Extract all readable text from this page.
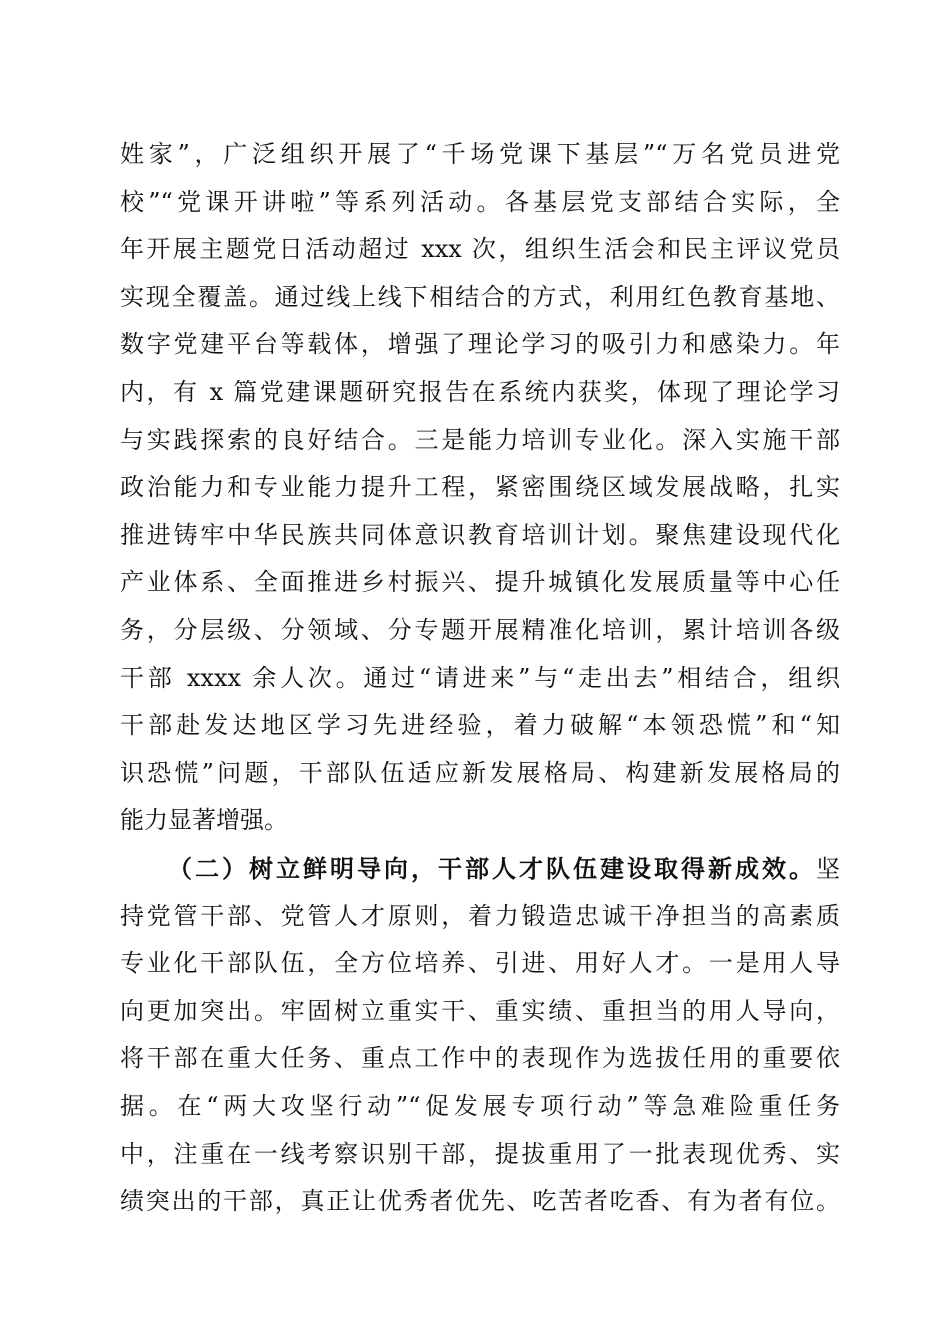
姓家”，广泛组织开展了“千场党课下基层”“万名党员进党
校”“党课开讲啦”等系列活动。各基层党支部结合实际，全
年开展主题党日活动超过 xxx 次，组织生活会和民主评议党员
实现全覆盖。通过线上线下相结合的方式，利用红色教育基地、
数字党建平台等载体，增强了理论学习的吸引力和感染力。年
内，有 x 篇党建课题研究报告在系统内获奖，体现了理论学习
与实践探索的良好结合。三是能力培训专业化。深入实施干部
政治能力和专业能力提升工程，紧密围绕区域发展战略，扎实
推进铸牢中华民族共同体意识教育培训计划。聚焦建设现代化
产业体系、全面推进乡村振兴、提升城镇化发展质量等中心任
务，分层级、分领域、分专题开展精准化培训，累计培训各级
干部 xxxx 余人次。通过“请进来”与“走出去”相结合，组织
干部赴发达地区学习先进经验，着力破解“本领恐慌”和“知
识恐慌”问题，干部队伍适应新发展格局、构建新发展格局的
能力显著增强。
（二）树立鲜明导向，干部人才队伍建设取得新成效。坚
持党管干部、党管人才原则，着力锻造忠诚干净担当的高素质
专业化干部队伍，全方位培养、引进、用好人才。一是用人导
向更加突出。牢固树立重实干、重实绩、重担当的用人导向，
将干部在重大任务、重点工作中的表现作为选拔任用的重要依
据。在“两大攻坚行动”“促发展专项行动”等急难险重任务
中，注重在一线考察识别干部，提拔重用了一批表现优秀、实
绩突出的干部，真正让优秀者优先、吃苦者吃香、有为者有位。
